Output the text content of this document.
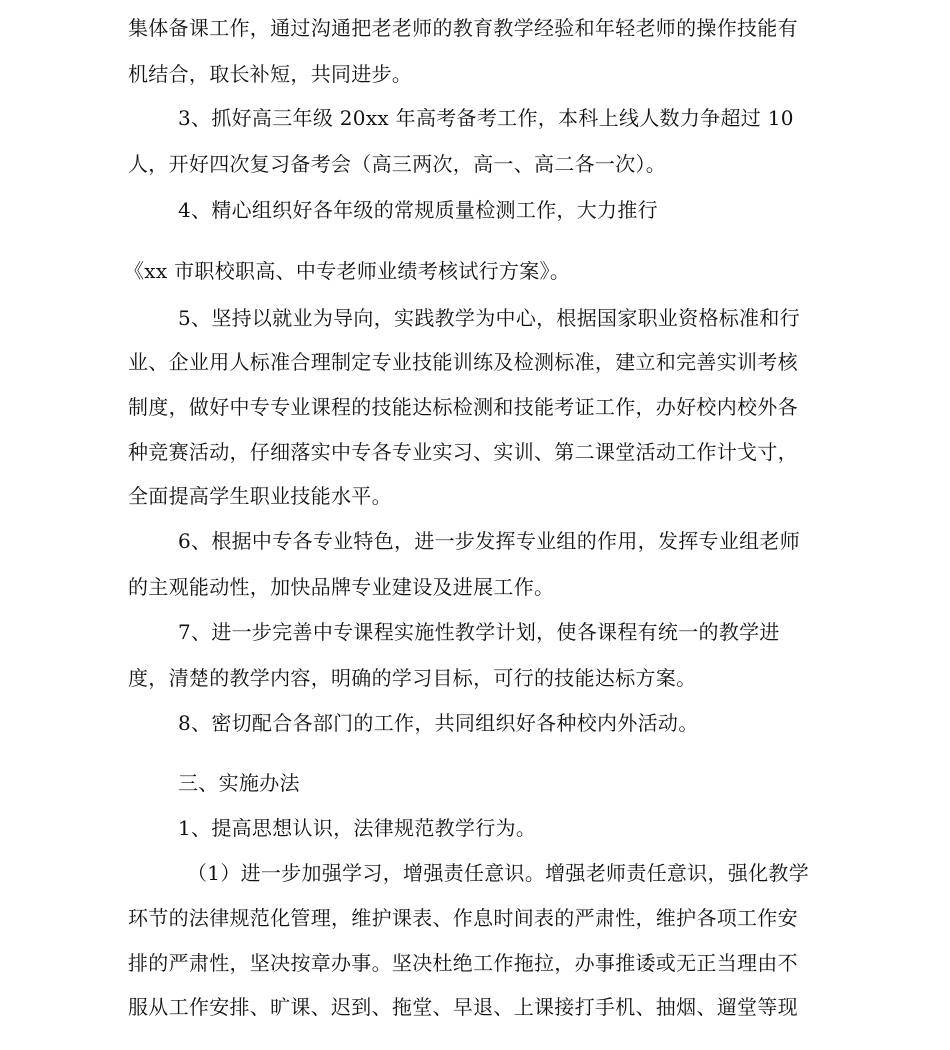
集体备课工作，通过沟通把老老师的教育教学经验和年轻老师的操作技能有
机结合，取长补短，共同进步。
3、抓好高三年级 20xx 年高考备考工作，本科上线人数力争超过 10
人，开好四次复习备考会（高三两次，高一、高二各一次）。
4、精心组织好各年级的常规质量检测工作，大力推行
《xx 市职校职高、中专老师业绩考核试行方案》。
5、坚持以就业为导向，实践教学为中心，根据国家职业资格标准和行
业、企业用人标准合理制定专业技能训练及检测标准，建立和完善实训考核
制度，做好中专专业课程的技能达标检测和技能考证工作，办好校内校外各
种竞赛活动，仔细落实中专各专业实习、实训、第二课堂活动工作计戈寸，
全面提高学生职业技能水平。
6、根据中专各专业特色，进一步发挥专业组的作用，发挥专业组老师
的主观能动性，加快品牌专业建设及进展工作。
7、进一步完善中专课程实施性教学计划，使各课程有统一的教学进
度，清楚的教学内容，明确的学习目标，可行的技能达标方案。
8、密切配合各部门的工作，共同组织好各种校内外活动。
三、实施办法
1、提高思想认识，法律规范教学行为。
（1）进一步加强学习，增强责任意识。增强老师责任意识，强化教学
环节的法律规范化管理，维护课表、作息时间表的严肃性，维护各项工作安
排的严肃性，坚决按章办事。坚决杜绝工作拖拉，办事推诿或无正当理由不
服从工作安排、旷课、迟到、拖堂、早退、上课接打手机、抽烟、遛堂等现
